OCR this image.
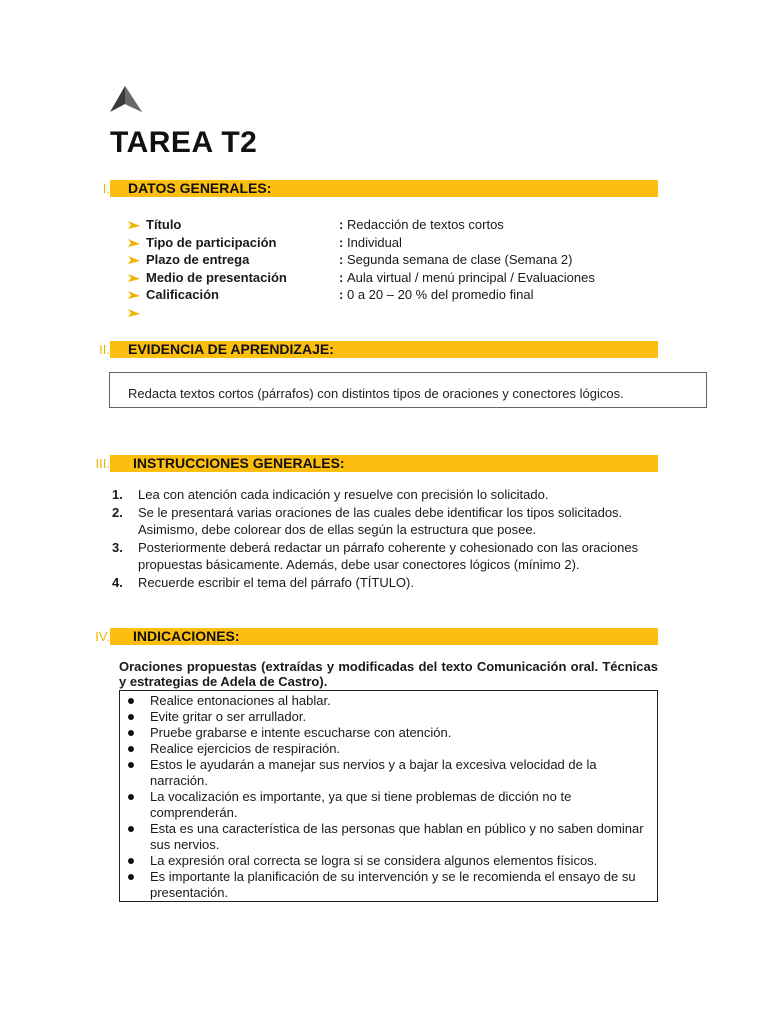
TAREA T2
I. DATOS GENERALES:
Título	: Redacción de textos cortos
Tipo de participación	: Individual
Plazo de entrega	: Segunda semana de clase (Semana 2)
Medio de presentación	: Aula virtual / menú principal / Evaluaciones
Calificación	: 0 a 20 – 20 % del promedio final
II. EVIDENCIA DE APRENDIZAJE:
Redacta textos cortos (párrafos) con distintos tipos de oraciones y conectores lógicos.
III. INSTRUCCIONES GENERALES:
1. Lea con atención cada indicación y resuelve con precisión lo solicitado.
2. Se le presentará varias oraciones de las cuales debe identificar los tipos solicitados. Asimismo, debe colorear dos de ellas según la estructura que posee.
3. Posteriormente deberá redactar un párrafo coherente y cohesionado con las oraciones propuestas básicamente. Además, debe usar conectores lógicos (mínimo 2).
4. Recuerde escribir el tema del párrafo (TÍTULO).
IV. INDICACIONES:
Oraciones propuestas (extraídas y modificadas del texto Comunicación oral. Técnicas y estrategias de Adela de Castro).
Realice entonaciones al hablar.
Evite gritar o ser arrullador.
Pruebe grabarse e intente escucharse con atención.
Realice ejercicios de respiración.
Estos le ayudarán a manejar sus nervios y a bajar la excesiva velocidad de la narración.
La vocalización es importante, ya que si tiene problemas de dicción no te comprenderán.
Esta es una característica de las personas que hablan en público y no saben dominar sus nervios.
La expresión oral correcta se logra si se considera algunos elementos físicos.
Es importante la planificación de su intervención y se le recomienda el ensayo de su presentación.
